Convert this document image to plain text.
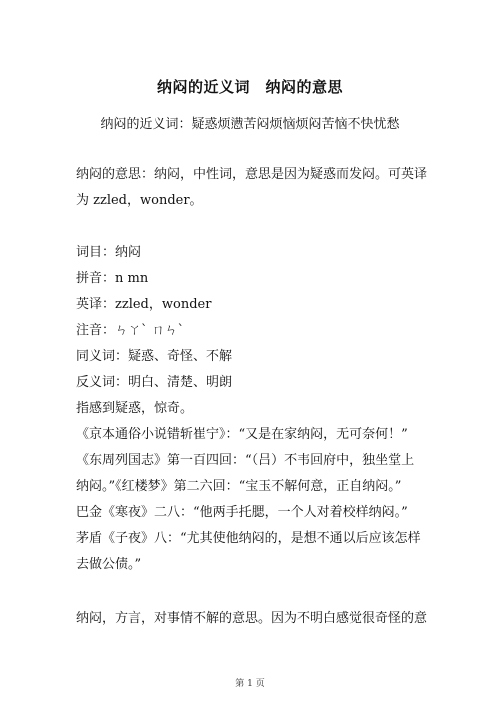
纳闷的近义词　纳闷的意思
纳闷的近义词：疑惑烦懑苦闷烦恼烦闷苦恼不快忧愁
纳闷的意思：纳闷，中性词，意思是因为疑惑而发闷。可英译
为 zzled，wonder。
词目：纳闷
拼音：n mn
英译：zzled，wonder
注音：ㄣㄚˋ ㄇㄣˋ
同义词：疑惑、奇怪、不解
反义词：明白、清楚、明朗
指感到疑惑，惊奇。
《京本通俗小说错斩崔宁》：“又是在家纳闷，无可奈何！”
《东周列国志》第一百四回：“（吕）不韦回府中，独坐堂上
纳闷。”《红楼梦》第二六回：“宝玉不解何意，正自纳闷。”
巴金《寒夜》二八：“他两手托腮，一个人对着校样纳闷。”
茅盾《子夜》八：“尤其使他纳闷的，是想不通以后应该怎样
去做公债。”
纳闷，方言，对事情不解的意思。因为不明白感觉很奇怪的意
第 1 页
